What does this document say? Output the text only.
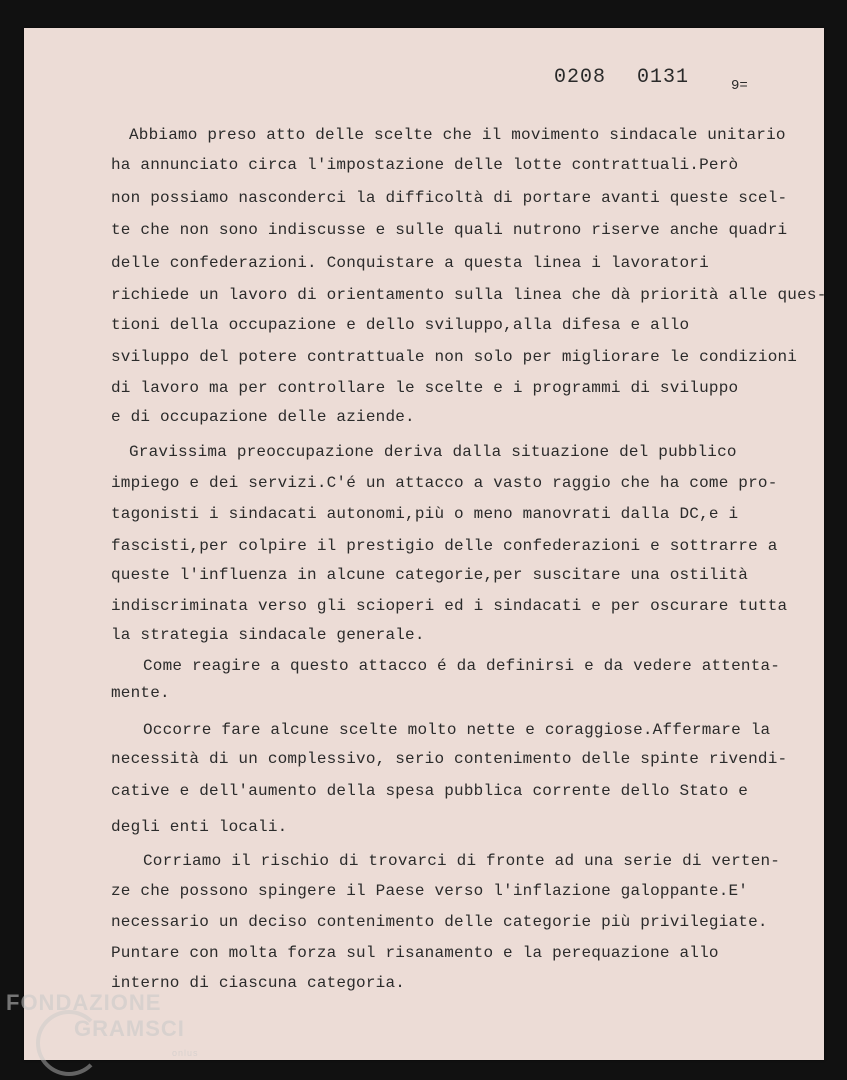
0208 0131	9=
Abbiamo preso atto delle scelte che il movimento sindacale unitario
ha annunciato circa l'impostazione delle lotte contrattuali.Però
non possiamo nasconderci la difficoltà di portare avanti queste scel-
te che non sono indiscusse e sulle quali nutrono riserve anche quadri
delle confederazioni. Conquistare a questa linea i lavoratori
richiede un lavoro di orientamento sulla linea che dà priorità alle ques-
tioni della occupazione e dello sviluppo,alla difesa e allo
sviluppo del potere contrattuale non solo per migliorare le condizioni
di lavoro ma per controllare le scelte e i programmi di sviluppo
e di occupazione delle aziende.
Gravissima preoccupazione deriva dalla situazione del pubblico
impiego e dei servizi.C'é un attacco a vasto raggio che ha come pro-
tagonisti i sindacati autonomi,più o meno manovrati dalla DC,e i
fascisti,per colpire il prestigio delle confederazioni e sottrarre a
queste l'influenza in alcune categorie,per suscitare una ostilità
indiscriminata verso gli scioperi ed i sindacati e per oscurare tutta
la strategia sindacale generale.
Come reagire a questo attacco é da definirsi e da vedere attenta-
mente.
Occorre fare alcune scelte molto nette e coraggiose.Affermare la
necessità di un complessivo, serio contenimento delle spinte rivendi-
cative e dell'aumento della spesa pubblica corrente dello Stato e
degli enti locali.
Corriamo il rischio di trovarci di fronte ad una serie di verten-
ze che possono spingere il Paese verso l'inflazione galoppante.E'
necessario un deciso contenimento delle categorie più privilegiate.
Puntare con molta forza sul risanamento e la perequazione allo
interno di ciascuna categoria.
FONDAZIONE
GRAMSCI
onlus
